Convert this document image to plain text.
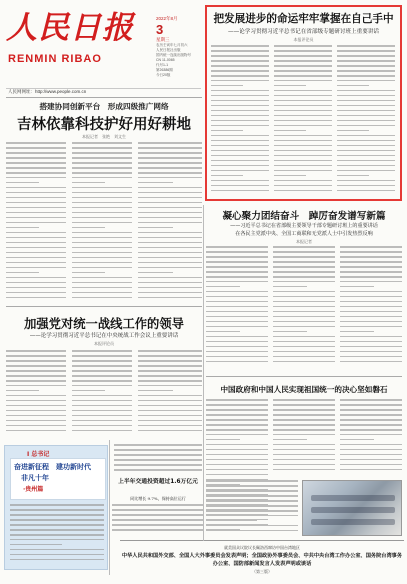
人民日报
RENMIN RIBAO
2022年8月
3
星期三
农历壬寅年七月初六
人民日报社出版
国内统一连续出版物号
CN 11-0065
代号1-1
第26386期
今日20版
人民网网址：http://www.people.com.cn
把发展进步的命运牢牢掌握在自己手中
——论学习贯彻习近平总书记在省部级专题研讨班上重要讲话
本报评论员
搭建协同创新平台　形成四级推广网络
吉林依靠科技护好用好耕地
本报记者　张艳　刘文生
凝心聚力团结奋斗　踔厉奋发谱写新篇
——习近平总书记在省部级主要领导干部专题研讨班上的重要讲话
在各民主党派中央、全国工商联和无党派人士中引发热烈反响
本报记者
加强党对统一战线工作的领导
——论学习贯彻习近平总书记在中央统战工作会议上重要讲话
本报评论员
中国政府和中国人民实现祖国统一的决心坚如磐石
Ⅰ 总书记
奋进新征程　建功新时代
非凡十年
·贵州篇
上半年交通投资超过1.6万亿元
同比增长 9.7%，保持高位运行
就美国众议院议长佩洛西窜访中国台湾地区
中华人民共和国外交部、全国人大外事委员会发表声明；全国政协外事委员会、中共中央台湾工作办公室、国务院台湾事务办公室、国防部新闻发言人发表声明或谈话
（第三版）
